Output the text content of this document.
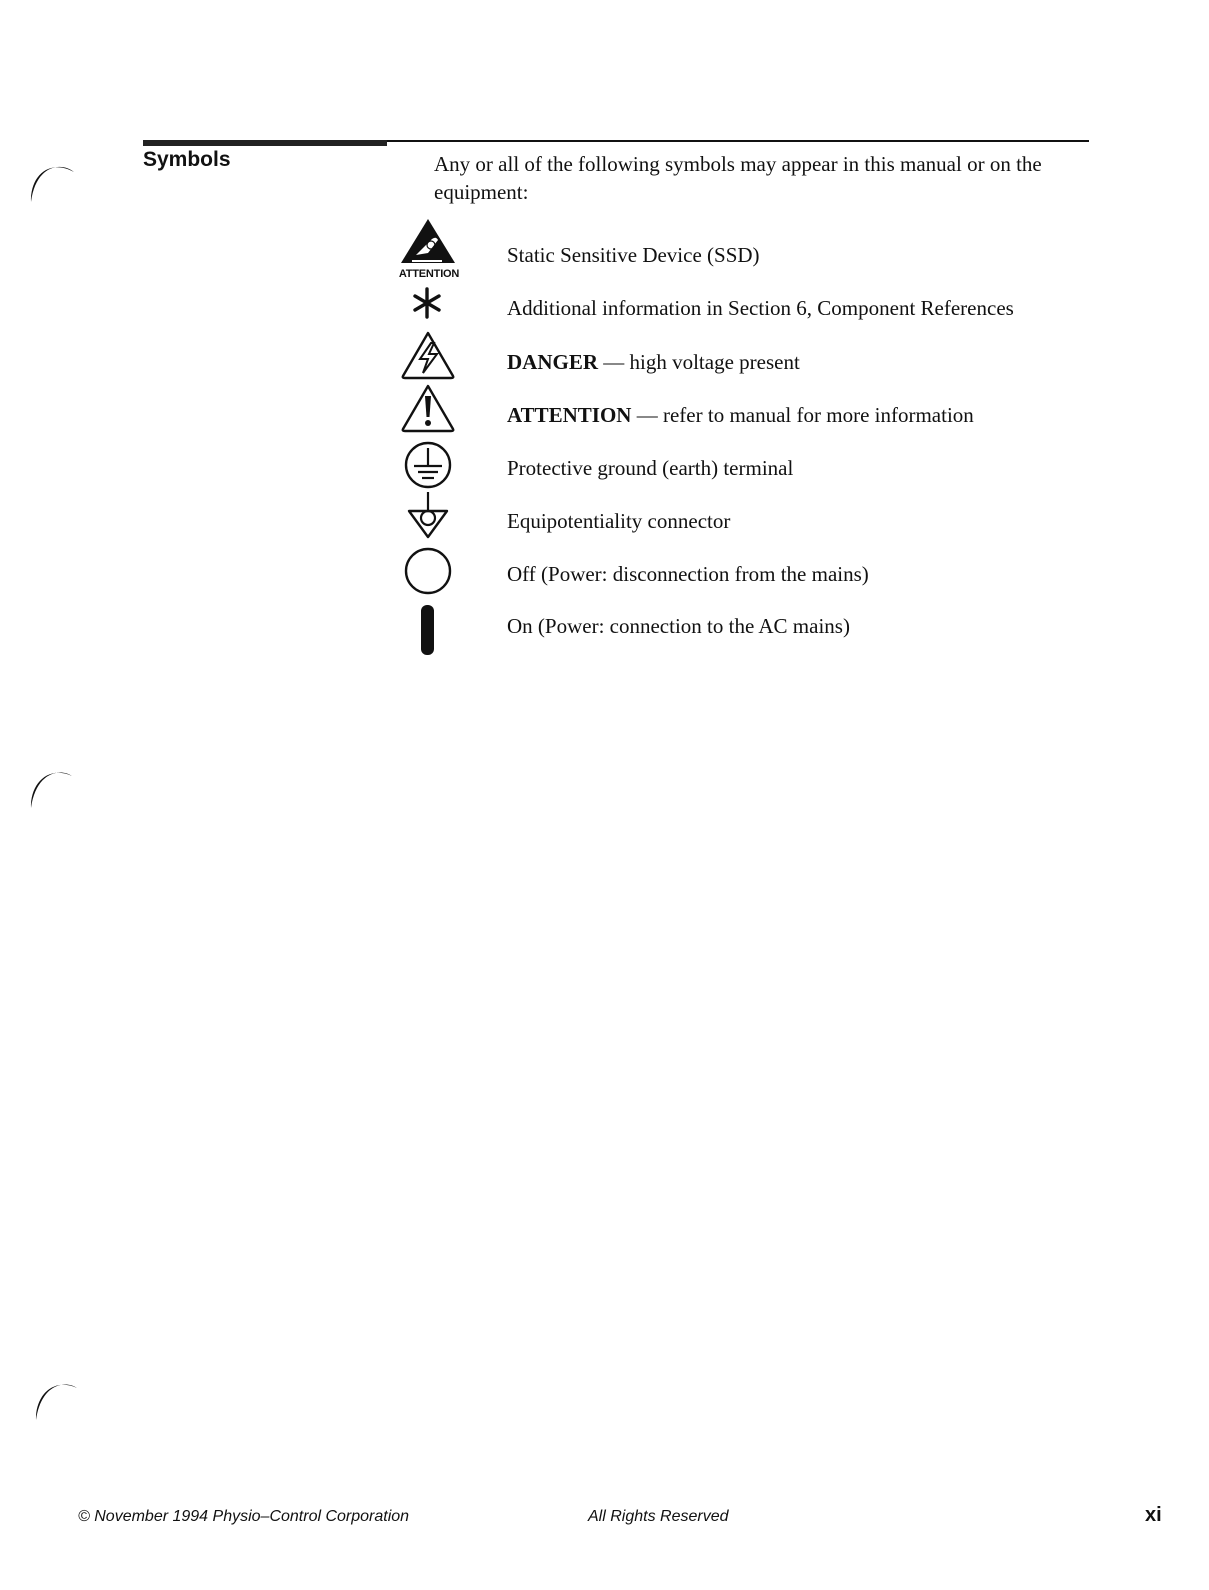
Symbols	Any or all of the following symbols may appear in this manual or on the equipment:
ATTENTION
Static Sensitive Device (SSD)
Additional information in Section 6, Component References
DANGER — high voltage present
ATTENTION — refer to manual for more information
Protective ground (earth) terminal
Equipotentiality connector
Off (Power: disconnection from the mains)
On (Power: connection to the AC mains)
© November 1994 Physio–Control Corporation	All Rights Reserved	xi
